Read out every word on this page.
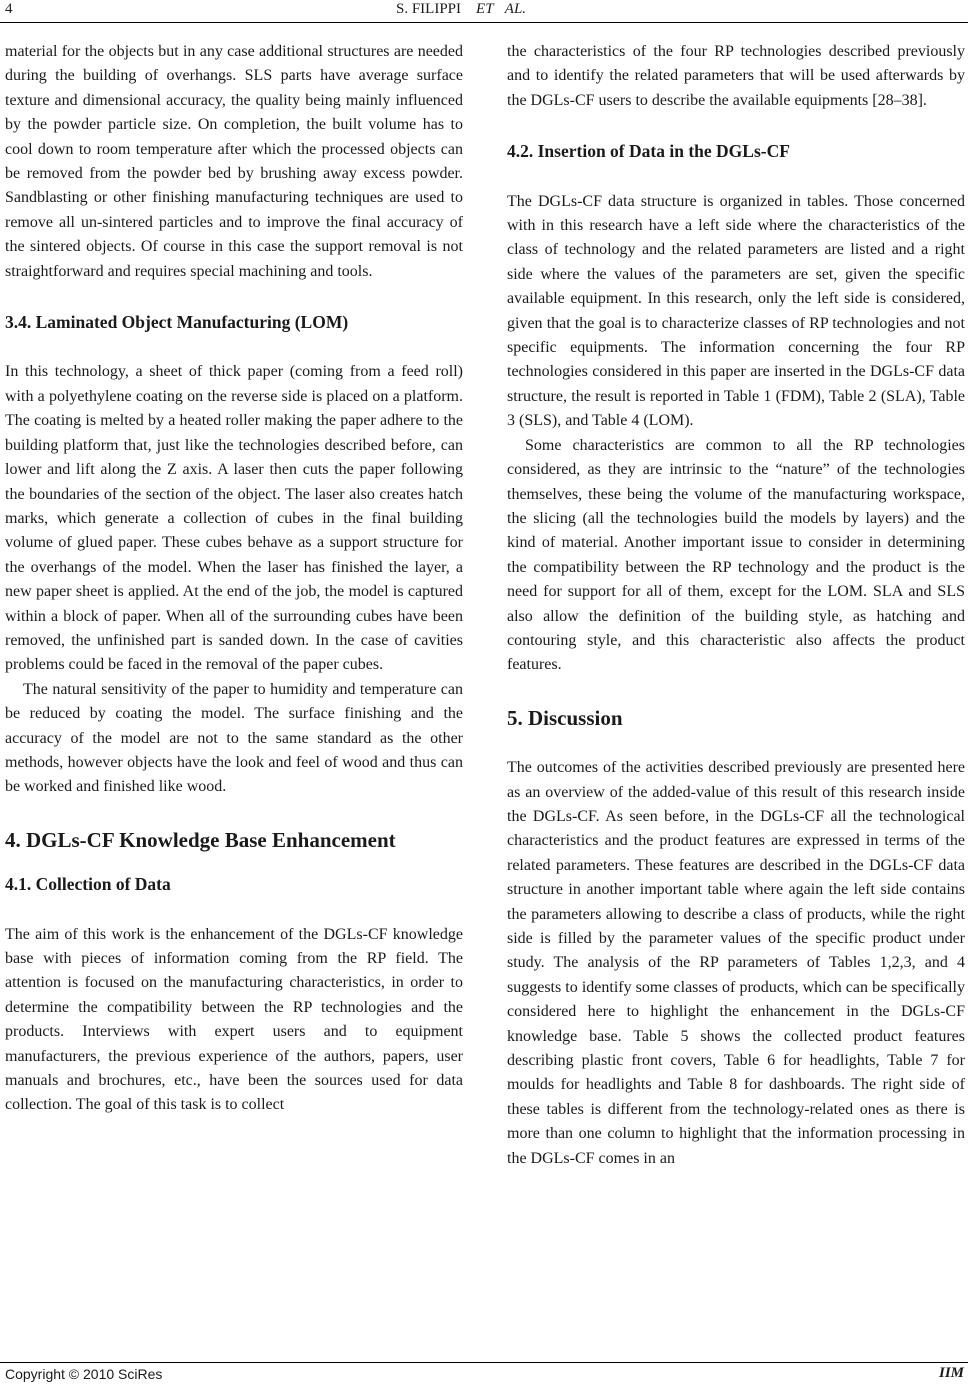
4	S. FILIPPI ET AL.

material for the objects but in any case additional structures are needed during the building of overhangs. SLS parts have average surface texture and dimensional accuracy, the quality being mainly influenced by the powder particle size. On completion, the built volume has to cool down to room temperature after which the processed objects can be removed from the powder bed by brushing away excess powder. Sandblasting or other finishing manufacturing techniques are used to remove all un-sintered particles and to improve the final accuracy of the sintered objects. Of course in this case the support removal is not straightforward and requires special machining and tools.

3.4. Laminated Object Manufacturing (LOM)

In this technology, a sheet of thick paper (coming from a feed roll) with a polyethylene coating on the reverse side is placed on a platform. The coating is melted by a heated roller making the paper adhere to the building platform that, just like the technologies described before, can lower and lift along the Z axis. A laser then cuts the paper following the boundaries of the section of the object. The laser also creates hatch marks, which generate a collection of cubes in the final building volume of glued paper. These cubes behave as a support structure for the overhangs of the model. When the laser has finished the layer, a new paper sheet is applied. At the end of the job, the model is captured within a block of paper. When all of the surrounding cubes have been removed, the unfinished part is sanded down. In the case of cavities problems could be faced in the removal of the paper cubes.

The natural sensitivity of the paper to humidity and temperature can be reduced by coating the model. The surface finishing and the accuracy of the model are not to the same standard as the other methods, however objects have the look and feel of wood and thus can be worked and finished like wood.

4. DGLs-CF Knowledge Base Enhancement

4.1. Collection of Data

The aim of this work is the enhancement of the DGLs-CF knowledge base with pieces of information coming from the RP field. The attention is focused on the manufacturing characteristics, in order to determine the compatibility between the RP technologies and the products. Interviews with expert users and to equipment manufacturers, the previous experience of the authors, papers, user manuals and brochures, etc., have been the sources used for data collection. The goal of this task is to collect

the characteristics of the four RP technologies described previously and to identify the related parameters that will be used afterwards by the DGLs-CF users to describe the available equipments [28–38].

4.2. Insertion of Data in the DGLs-CF

The DGLs-CF data structure is organized in tables. Those concerned with in this research have a left side where the characteristics of the class of technology and the related parameters are listed and a right side where the values of the parameters are set, given the specific available equipment. In this research, only the left side is considered, given that the goal is to characterize classes of RP technologies and not specific equipments. The information concerning the four RP technologies considered in this paper are inserted in the DGLs-CF data structure, the result is reported in Table 1 (FDM), Table 2 (SLA), Table 3 (SLS), and Table 4 (LOM).

Some characteristics are common to all the RP technologies considered, as they are intrinsic to the “nature” of the technologies themselves, these being the volume of the manufacturing workspace, the slicing (all the technologies build the models by layers) and the kind of material. Another important issue to consider in determining the compatibility between the RP technology and the product is the need for support for all of them, except for the LOM. SLA and SLS also allow the definition of the building style, as hatching and contouring style, and this characteristic also affects the product features.

5. Discussion

The outcomes of the activities described previously are presented here as an overview of the added-value of this result of this research inside the DGLs-CF. As seen before, in the DGLs-CF all the technological characteristics and the product features are expressed in terms of the related parameters. These features are described in the DGLs-CF data structure in another important table where again the left side contains the parameters allowing to describe a class of products, while the right side is filled by the parameter values of the specific product under study. The analysis of the RP parameters of Tables 1,2,3, and 4 suggests to identify some classes of products, which can be specifically considered here to highlight the enhancement in the DGLs-CF knowledge base. Table 5 shows the collected product features describing plastic front covers, Table 6 for headlights, Table 7 for moulds for headlights and Table 8 for dashboards. The right side of these tables is different from the technology-related ones as there is more than one column to highlight that the information processing in the DGLs-CF comes in an

Copyright © 2010 SciRes	IIM
